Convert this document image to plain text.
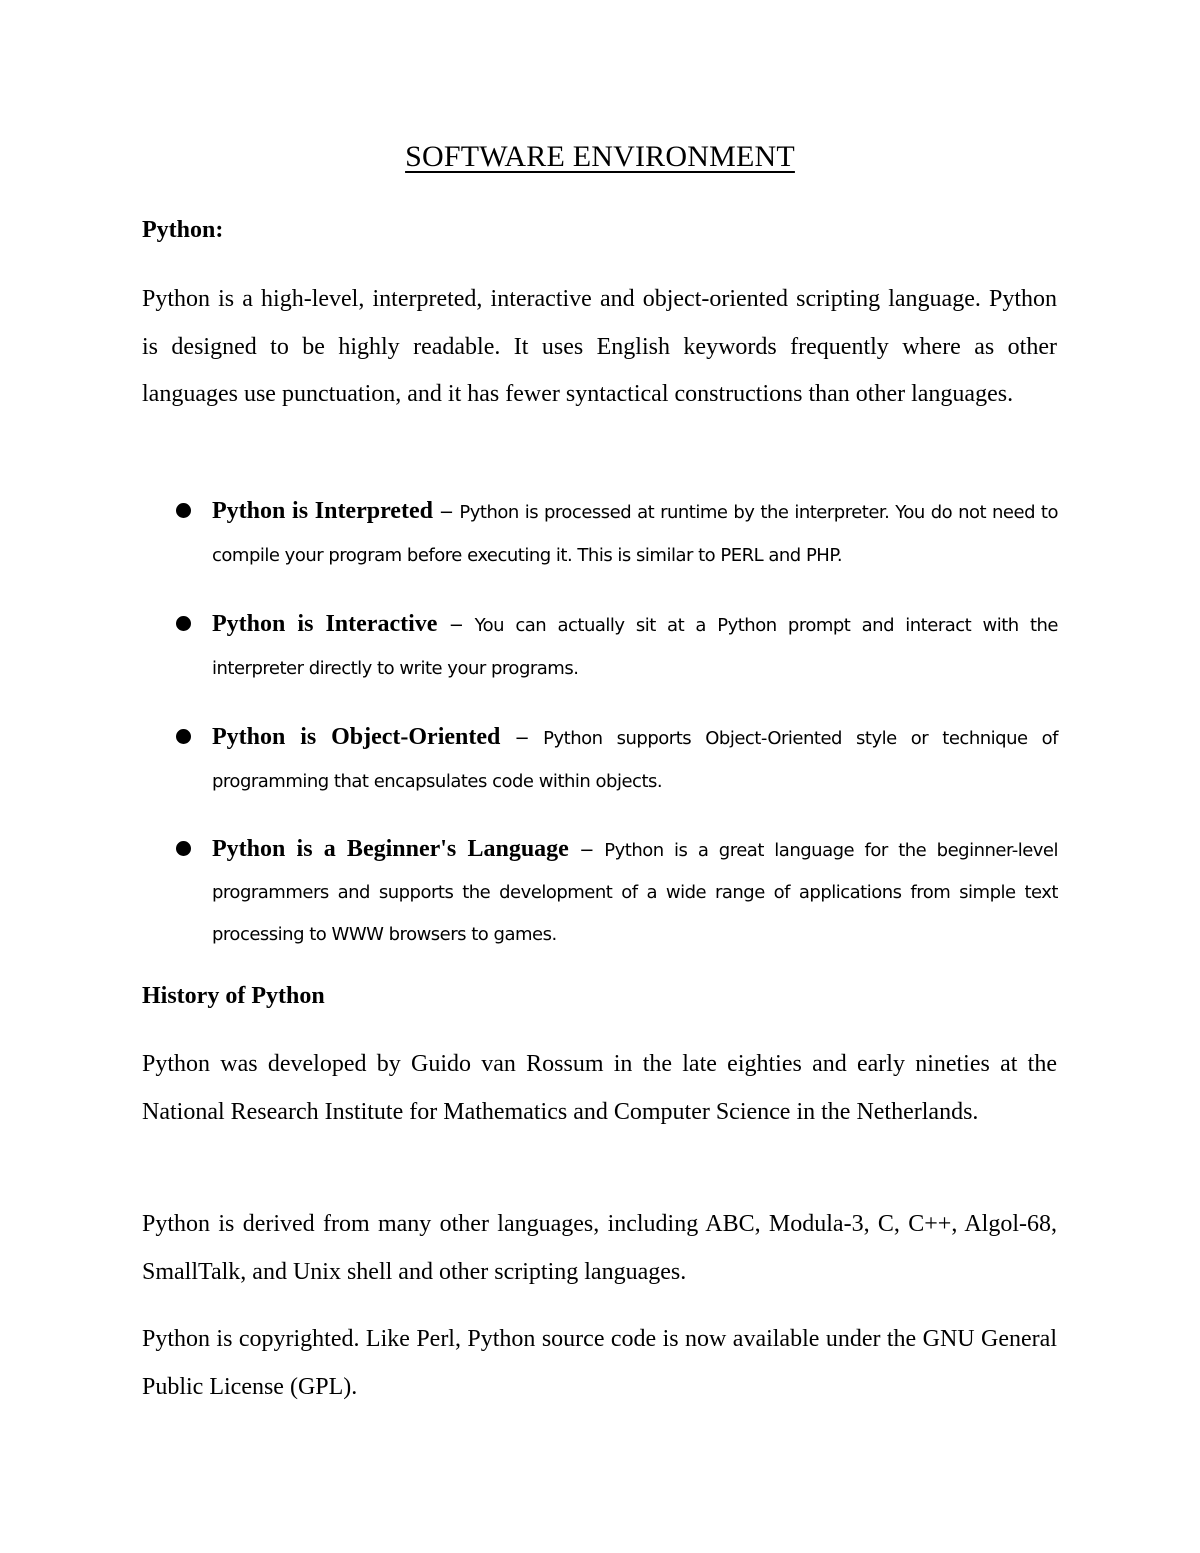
SOFTWARE ENVIRONMENT
Python:

Python is a high-level, interpreted, interactive and object-oriented scripting language. Python is designed to be highly readable. It uses English keywords frequently where as other languages use punctuation, and it has fewer syntactical constructions than other languages.

Python is Interpreted − Python is processed at runtime by the interpreter. You do not need to compile your program before executing it. This is similar to PERL and PHP.
Python is Interactive − You can actually sit at a Python prompt and interact with the interpreter directly to write your programs.
Python is Object-Oriented − Python supports Object-Oriented style or technique of programming that encapsulates code within objects.
Python is a Beginner's Language − Python is a great language for the beginner-level programmers and supports the development of a wide range of applications from simple text processing to WWW browsers to games.
History of Python

Python was developed by Guido van Rossum in the late eighties and early nineties at the National Research Institute for Mathematics and Computer Science in the Netherlands.

Python is derived from many other languages, including ABC, Modula-3, C, C++, Algol-68, SmallTalk, and Unix shell and other scripting languages.

Python is copyrighted. Like Perl, Python source code is now available under the GNU General Public License (GPL).
